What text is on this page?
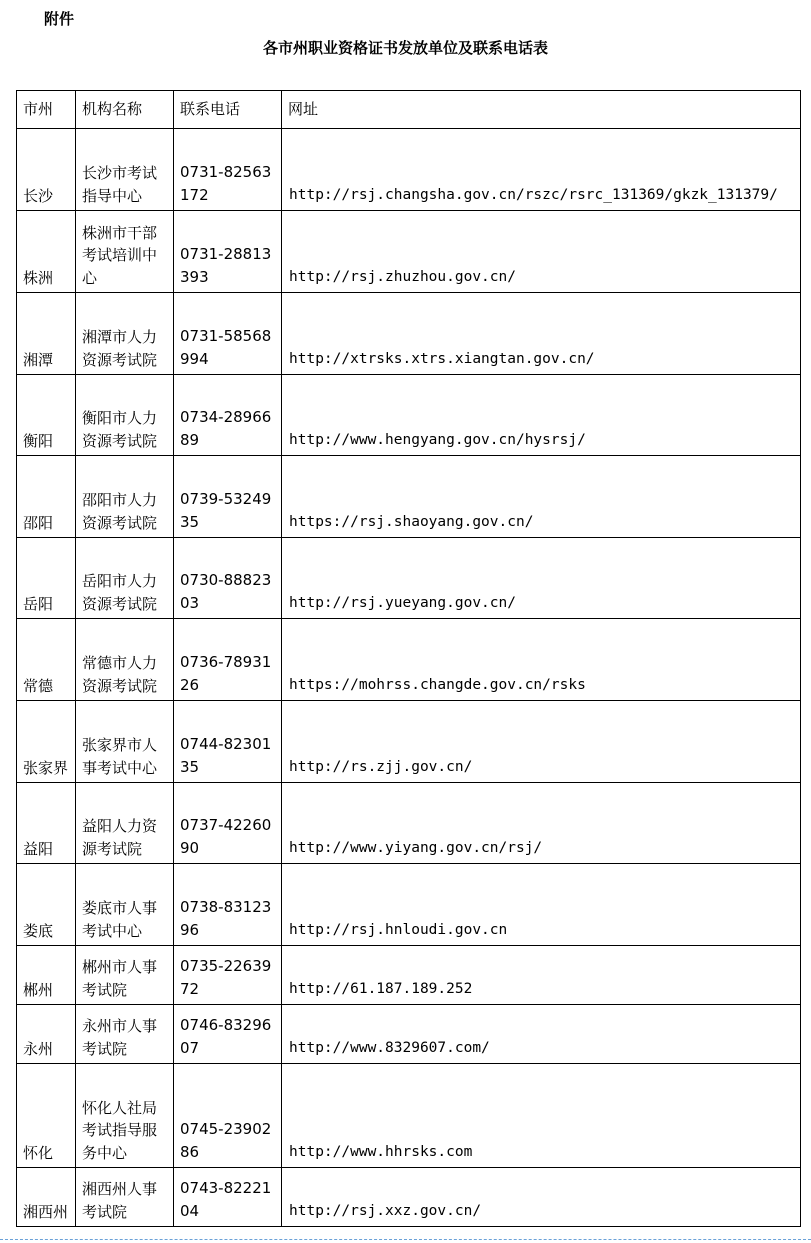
附件
各市州职业资格证书发放单位及联系电话表
市州	机构名称	联系电话	网址
长沙	长沙市考试指导中心	0731-82563172	http://rsj.changsha.gov.cn/rszc/rsrc_131369/gkzk_131379/
株洲	株洲市干部考试培训中心	0731-28813393	http://rsj.zhuzhou.gov.cn/
湘潭	湘潭市人力资源考试院	0731-58568994	http://xtrsks.xtrs.xiangtan.gov.cn/
衡阳	衡阳市人力资源考试院	0734-2896689	http://www.hengyang.gov.cn/hysrsj/
邵阳	邵阳市人力资源考试院	0739-5324935	https://rsj.shaoyang.gov.cn/
岳阳	岳阳市人力资源考试院	0730-8882303	http://rsj.yueyang.gov.cn/
常德	常德市人力资源考试院	0736-7893126	https://mohrss.changde.gov.cn/rsks
张家界	张家界市人事考试中心	0744-8230135	http://rs.zjj.gov.cn/
益阳	益阳人力资源考试院	0737-4226090	http://www.yiyang.gov.cn/rsj/
娄底	娄底市人事考试中心	0738-8312396	http://rsj.hnloudi.gov.cn
郴州	郴州市人事考试院	0735-2263972	http://61.187.189.252
永州	永州市人事考试院	0746-8329607	http://www.8329607.com/
怀化	怀化人社局考试指导服务中心	0745-2390286	http://www.hhrsks.com
湘西州	湘西州人事考试院	0743-8222104	http://rsj.xxz.gov.cn/
